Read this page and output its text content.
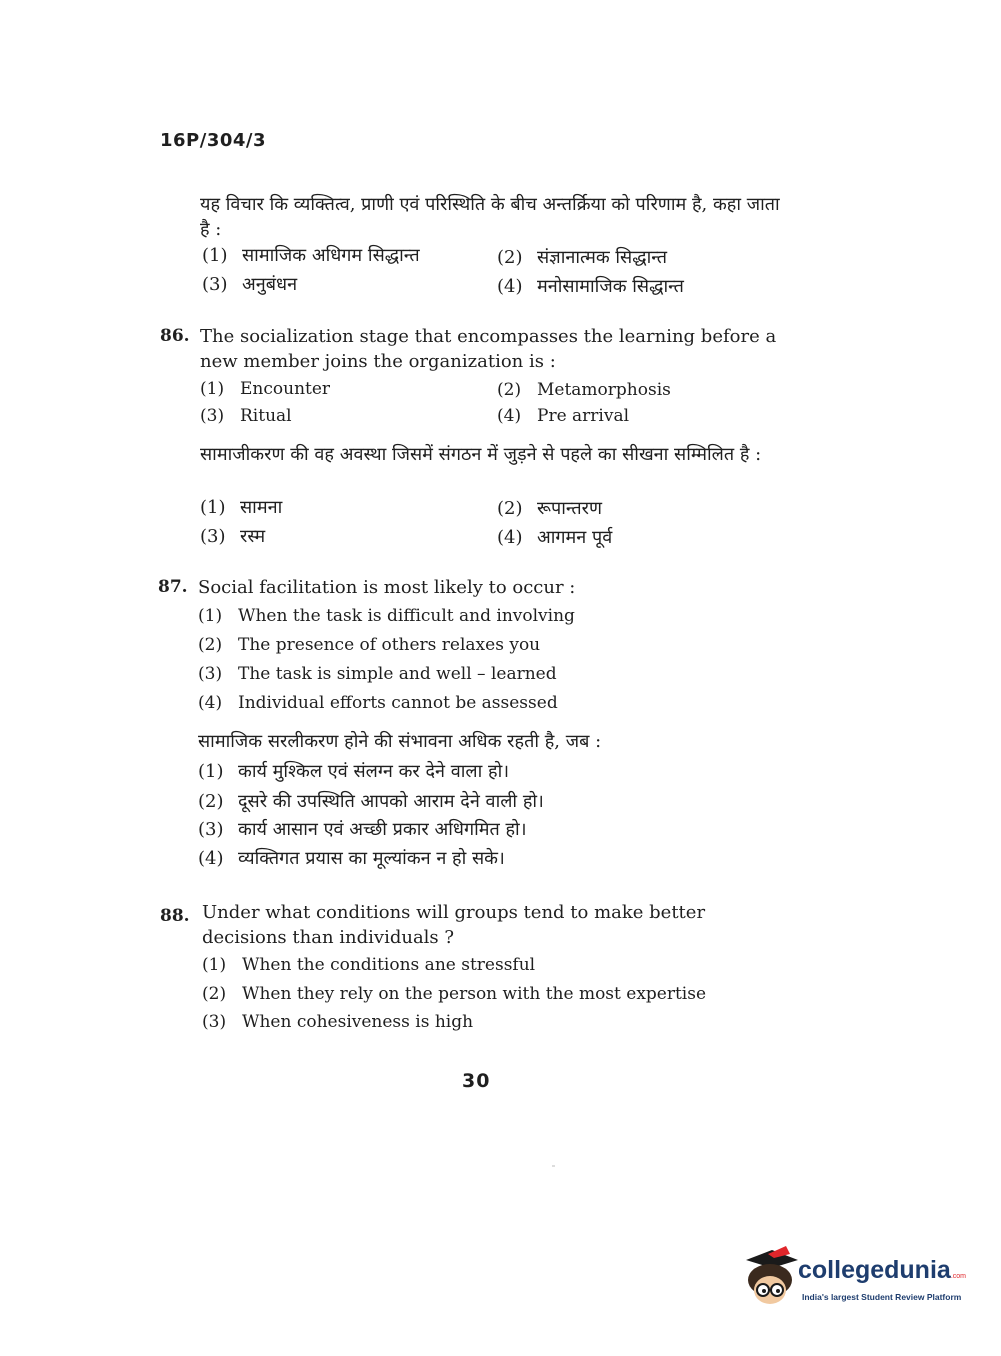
16P/304/3
यह विचार कि व्यक्तित्व, प्राणी एवं परिस्थिति के बीच अन्तर्क्रिया को परिणाम है, कहा जाता है :
(1) सामाजिक अधिगम सिद्धान्त	(2) संज्ञानात्मक सिद्धान्त
(3) अनुबंधन	(4) मनोसामाजिक सिद्धान्त
86. The socialization stage that encompasses the learning before a new member joins the organization is :
(1) Encounter	(2) Metamorphosis
(3) Ritual	(4) Pre arrival
सामाजीकरण की वह अवस्था जिसमें संगठन में जुड़ने से पहले का सीखना सम्मिलित है :
(1) सामना	(2) रूपान्तरण
(3) रस्म	(4) आगमन पूर्व
87. Social facilitation is most likely to occur :
(1) When the task is difficult and involving
(2) The presence of others relaxes you
(3) The task is simple and well – learned
(4) Individual efforts cannot be assessed
सामाजिक सरलीकरण होने की संभावना अधिक रहती है, जब :
(1) कार्य मुश्किल एवं संलग्न कर देने वाला हो।
(2) दूसरे की उपस्थिति आपको आराम देने वाली हो।
(3) कार्य आसान एवं अच्छी प्रकार अधिगमित हो।
(4) व्यक्तिगत प्रयास का मूल्यांकन न हो सके।
88. Under what conditions will groups tend to make better decisions than individuals ?
(1) When the conditions ane stressful
(2) When they rely on the person with the most expertise
(3) When cohesiveness is high
30
collegedunia.com
India's largest Student Review Platform
